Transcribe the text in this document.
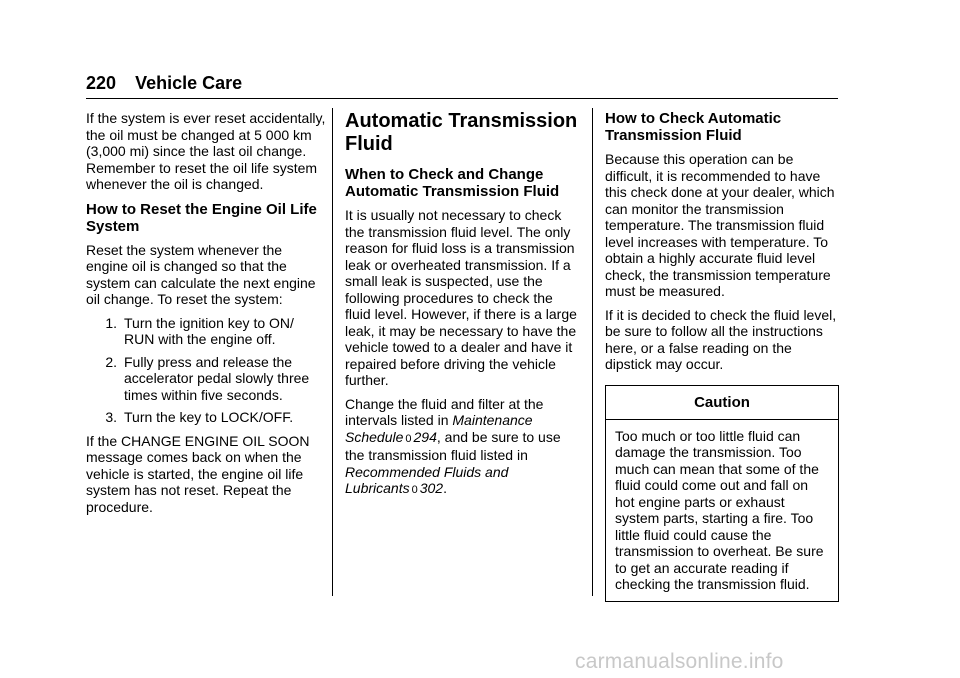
220 Vehicle Care

If the system is ever reset accidentally, the oil must be changed at 5 000 km (3,000 mi) since the last oil change. Remember to reset the oil life system whenever the oil is changed.

How to Reset the Engine Oil Life System

Reset the system whenever the engine oil is changed so that the system can calculate the next engine oil change. To reset the system:

1. Turn the ignition key to ON/ RUN with the engine off.
2. Fully press and release the accelerator pedal slowly three times within five seconds.
3. Turn the key to LOCK/OFF.

If the CHANGE ENGINE OIL SOON message comes back on when the vehicle is started, the engine oil life system has not reset. Repeat the procedure.

Automatic Transmission Fluid
When to Check and Change Automatic Transmission Fluid

It is usually not necessary to check the transmission fluid level. The only reason for fluid loss is a transmission leak or overheated transmission. If a small leak is suspected, use the following procedures to check the fluid level. However, if there is a large leak, it may be necessary to have the vehicle towed to a dealer and have it repaired before driving the vehicle further.

Change the fluid and filter at the intervals listed in Maintenance Schedule 0 294, and be sure to use the transmission fluid listed in Recommended Fluids and Lubricants 0 302.

How to Check Automatic Transmission Fluid

Because this operation can be difficult, it is recommended to have this check done at your dealer, which can monitor the transmission temperature. The transmission fluid level increases with temperature. To obtain a highly accurate fluid level check, the transmission temperature must be measured.

If it is decided to check the fluid level, be sure to follow all the instructions here, or a false reading on the dipstick may occur.

Caution
Too much or too little fluid can damage the transmission. Too much can mean that some of the fluid could come out and fall on hot engine parts or exhaust system parts, starting a fire. Too little fluid could cause the transmission to overheat. Be sure to get an accurate reading if checking the transmission fluid.
carmanualsonline.info
